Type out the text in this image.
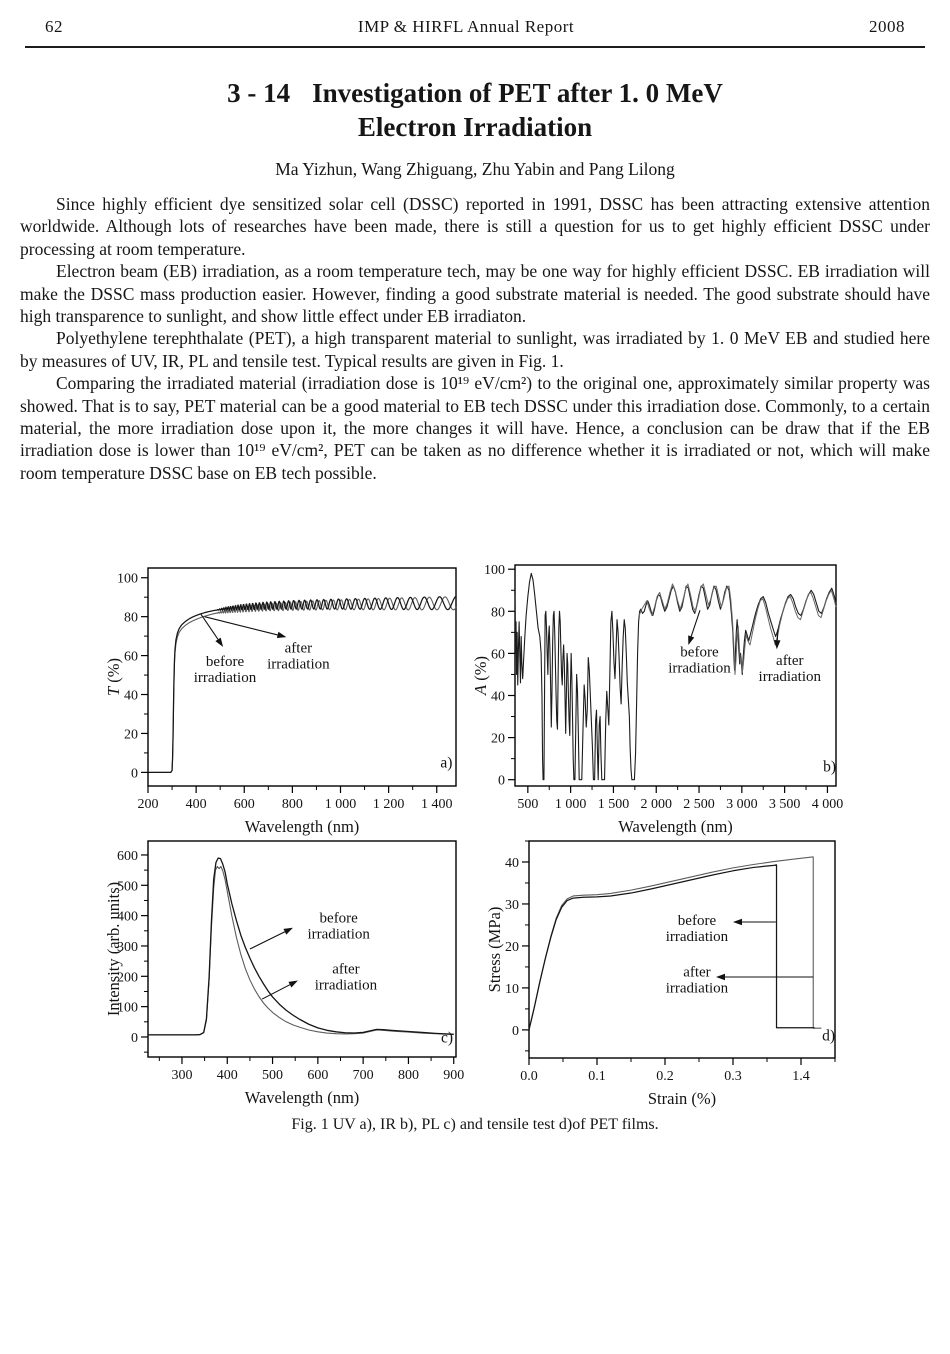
62	IMP & HIRFL Annual Report	2008
3 - 14 Investigation of PET after 1. 0 MeV
Electron Irradiation
Ma Yizhun, Wang Zhiguang, Zhu Yabin and Pang Lilong

Since highly efficient dye sensitized solar cell (DSSC) reported in 1991, DSSC has been attracting extensive attention worldwide. Although lots of researches have been made, there is still a question for us to get highly efficient DSSC under processing at room temperature.

Electron beam (EB) irradiation, as a room temperature tech, may be one way for highly efficient DSSC. EB irradiation will make the DSSC mass production easier. However, finding a good substrate material is needed. The good substrate should have high transparence to sunlight, and show little effect under EB irradiaton.

Polyethylene terephthalate (PET), a high transparent material to sunlight, was irradiated by 1. 0 MeV EB and studied here by measures of UV, IR, PL and tensile test. Typical results are given in Fig. 1.

Comparing the irradiated material (irradiation dose is 10¹⁹ eV/cm²) to the original one, approximately similar property was showed. That is to say, PET material can be a good material to EB tech DSSC under this irradiation dose. Commonly, to a certain material, the more irradiation dose upon it, the more changes it will have. Hence, a conclusion can be draw that if the EB irradiation dose is lower than 10¹⁹ eV/cm², PET can be taken as no difference whether it is irradiated or not, which will make room temperature DSSC base on EB tech possible.

200 400 600 800 1 000 1 200 1 400
0
20
40
60
80
100
Wavelength (nm)
T (%)	before
irradiation
after
irradiation
a)
500 1 000 1 500 2 000 2 500 3 000 3 500 4 000
0
20
40
60
80
100
Wavelength (nm)
A (%)
before
irradiation	after
irradiation
b)
300 400 500 600 700 800 900
0
100
200
300
400
500
600
Wavelength (nm)
Intensity (arb. units)	before
irradiation
after
irradiation
c)
0.0	0.1	0.2	0.3	1.4
0
10
20
30
40
Strain (%)
Stress (MPa)	before
irradiation
after
irradiation
d)
Fig. 1 UV a), IR b), PL c) and tensile test d)of PET films.
